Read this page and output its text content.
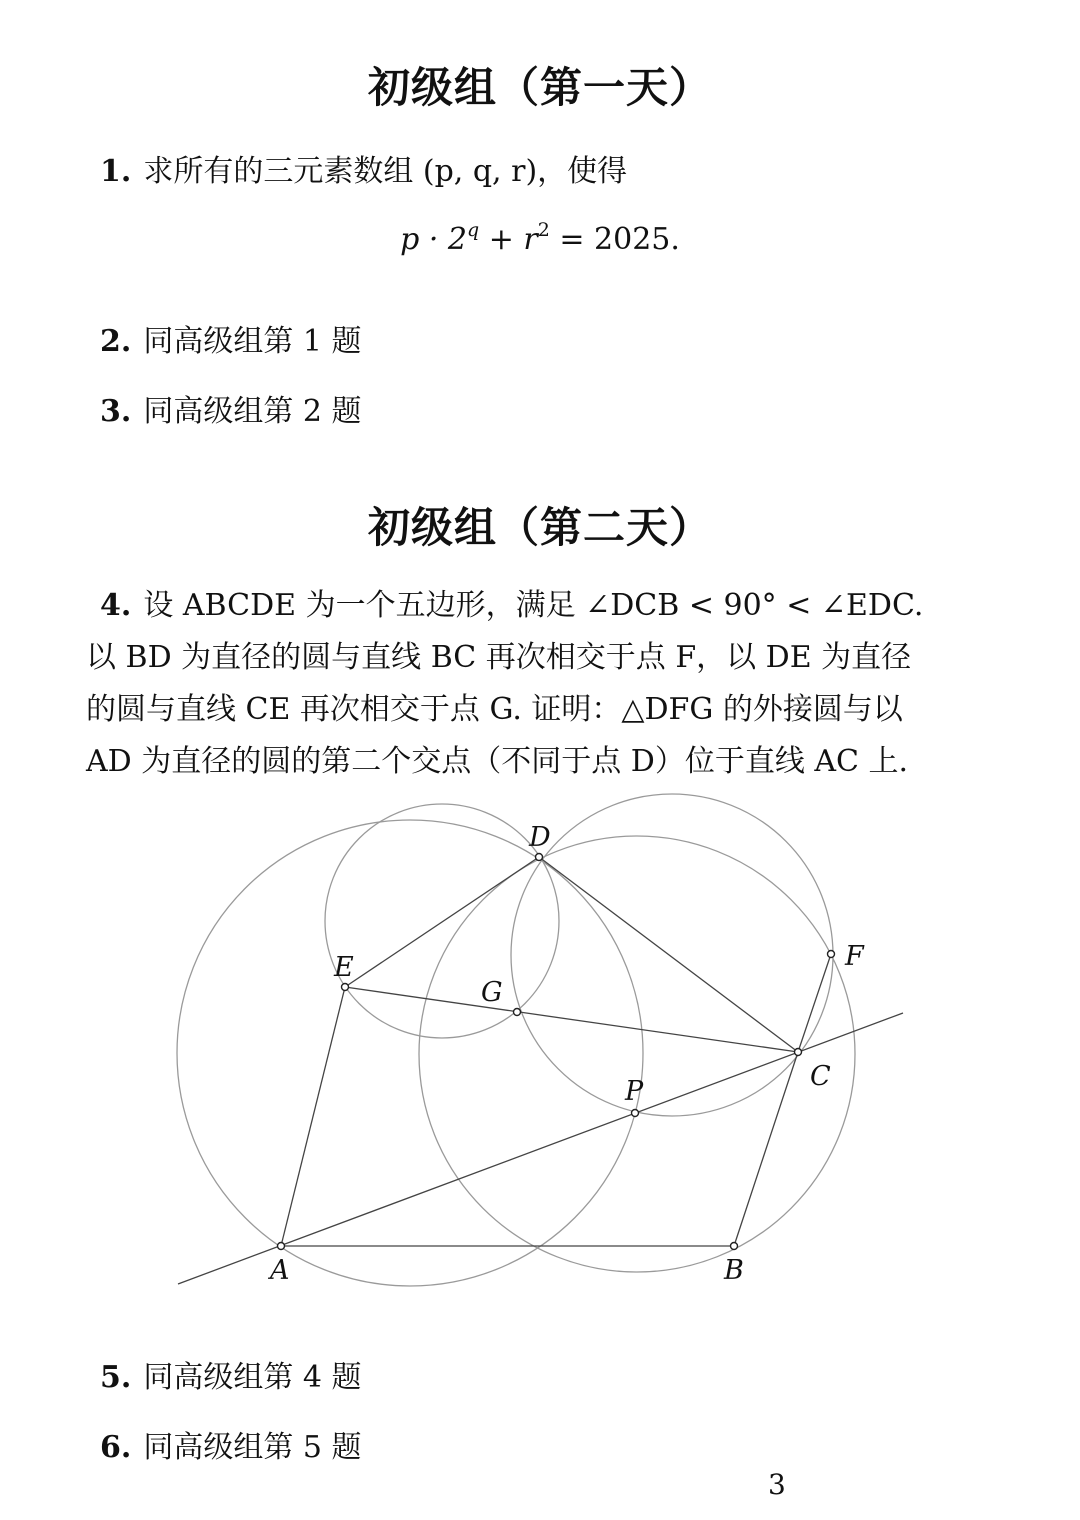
初级组（第一天）
1. 求所有的三元素数组 (p, q, r)，使得
$p \cdot 2^q + r^2 = 2025$.
2. 同高级组第 1 题
3. 同高级组第 2 题
初级组（第二天）

4. 设 ABCDE 为一个五边形，满足 ∠DCB < 90° < ∠EDC.

以 BD 为直径的圆与直线 BC 再次相交于点 F，以 DE 为直径

的圆与直线 CE 再次相交于点 G. 证明：△DFG 的外接圆与以

AD 为直径的圆的第二个交点（不同于点 D）位于直线 AC 上.

A	B
C
D
E	F
G
P
5. 同高级组第 4 题
6. 同高级组第 5 题
3
